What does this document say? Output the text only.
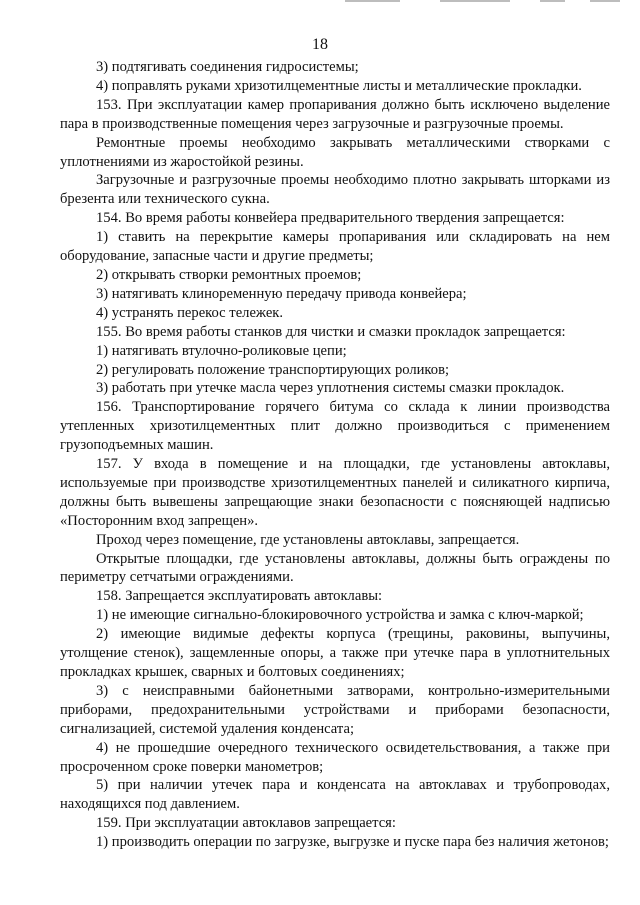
18

3) подтягивать соединения гидросистемы;

4) поправлять руками хризотилцементные листы и металлические прокладки.

153. При эксплуатации камер пропаривания должно быть исключено выделение пара в производственные помещения через загрузочные и разгрузочные проемы.

Ремонтные проемы необходимо закрывать металлическими створками с уплотнениями из жаростойкой резины.

Загрузочные и разгрузочные проемы необходимо плотно закрывать шторками из брезента или технического сукна.

154. Во время работы конвейера предварительного твердения запрещается:

1) ставить на перекрытие камеры пропаривания или складировать на нем оборудование, запасные части и другие предметы;

2) открывать створки ремонтных проемов;

3) натягивать клиноременную передачу привода конвейера;

4) устранять перекос тележек.

155. Во время работы станков для чистки и смазки прокладок запрещается:

1) натягивать втулочно-роликовые цепи;

2) регулировать положение транспортирующих роликов;

3) работать при утечке масла через уплотнения системы смазки прокладок.

156. Транспортирование горячего битума со склада к линии производства утепленных хризотилцементных плит должно производиться с применением грузоподъемных машин.

157. У входа в помещение и на площадки, где установлены автоклавы, используемые при производстве хризотилцементных панелей и силикатного кирпича, должны быть вывешены запрещающие знаки безопасности с поясняющей надписью «Посторонним вход запрещен».

Проход через помещение, где установлены автоклавы, запрещается.

Открытые площадки, где установлены автоклавы, должны быть ограждены по периметру сетчатыми ограждениями.

158. Запрещается эксплуатировать автоклавы:

1) не имеющие сигнально-блокировочного устройства и замка с ключ-маркой;

2) имеющие видимые дефекты корпуса (трещины, раковины, выпучины, утолщение стенок), защемленные опоры, а также при утечке пара в уплотнительных прокладках крышек, сварных и болтовых соединениях;

3) с неисправными байонетными затворами, контрольно-измерительными приборами, предохранительными устройствами и приборами безопасности, сигнализацией, системой удаления конденсата;

4) не прошедшие очередного технического освидетельствования, а также при просроченном сроке поверки манометров;

5) при наличии утечек пара и конденсата на автоклавах и трубопроводах, находящихся под давлением.

159. При эксплуатации автоклавов запрещается:

1) производить операции по загрузке, выгрузке и пуске пара без наличия жетонов;
